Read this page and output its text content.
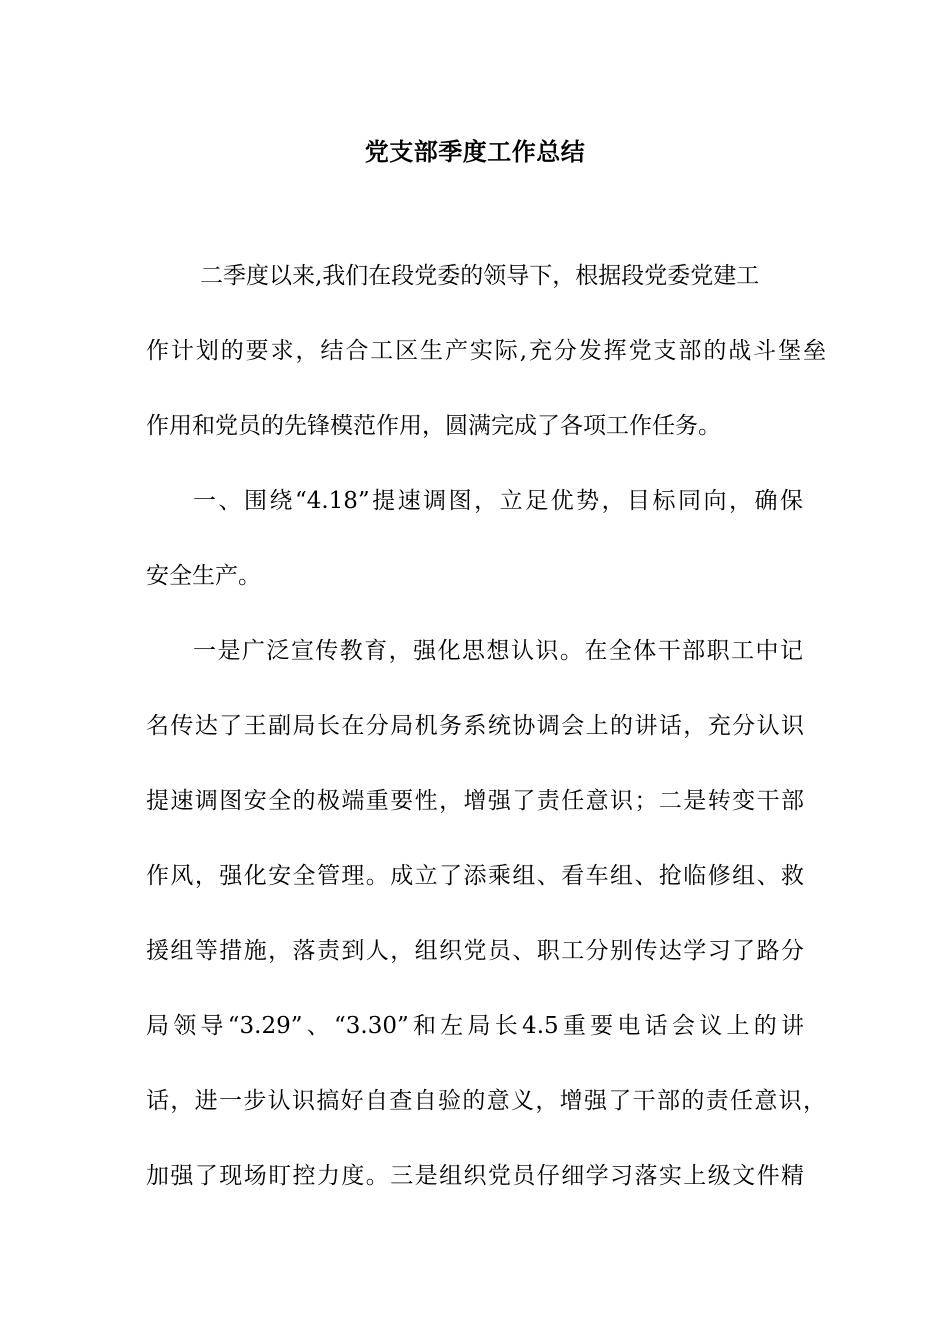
党支部季度工作总结

二季度以来,我们在段党委的领导下，根据段党委党建工

作计划的要求，结合工区生产实际,充分发挥党支部的战斗堡垒

作用和党员的先锋模范作用，圆满完成了各项工作任务。

一、围绕“4.18”提速调图，立足优势，目标同向，确保

安全生产。

一是广泛宣传教育，强化思想认识。在全体干部职工中记

名传达了王副局长在分局机务系统协调会上的讲话，充分认识

提速调图安全的极端重要性，增强了责任意识；二是转变干部

作风，强化安全管理。成立了添乘组、看车组、抢临修组、救

援组等措施，落责到人，组织党员、职工分别传达学习了路分

局领导“3.29”、“3.30”和左局长4.5重要电话会议上的讲

话，进一步认识搞好自查自验的意义，增强了干部的责任意识，

加强了现场盯控力度。三是组织党员仔细学习落实上级文件精
